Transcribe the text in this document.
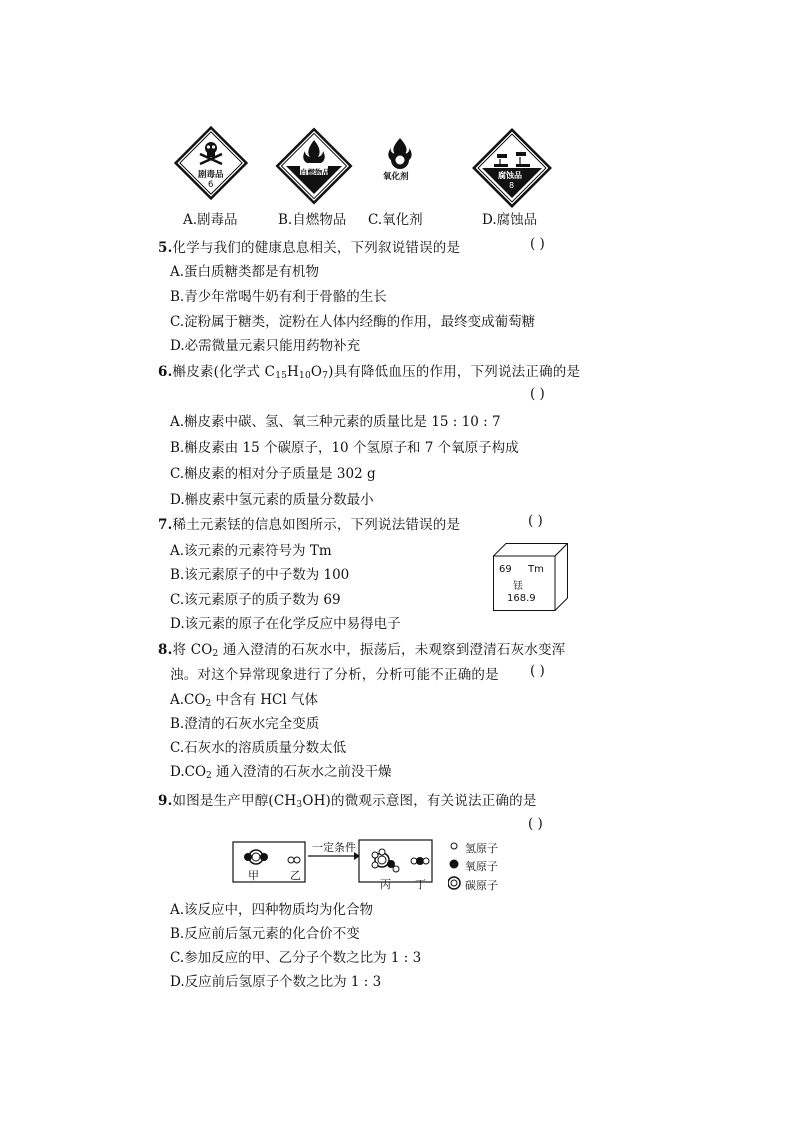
剧毒品
6
自燃物品	氧化剂	腐蚀品
8
A.剧毒品	B.自燃物品 C.氧化剂	D.腐蚀品
5.化学与我们的健康息息相关，下列叙说错误的是	( )
A.蛋白质糖类都是有机物
B.青少年常喝牛奶有利于骨骼的生长
C.淀粉属于糖类，淀粉在人体内经酶的作用，最终变成葡萄糖
D.必需微量元素只能用药物补充
6.槲皮素(化学式 $C_{15}H_{10}O_7$)具有降低血压的作用，下列说法正确的是
( )
A.槲皮素中碳、氢、氧三种元素的质量比是 15 : 10 : 7
B.槲皮素由 15 个碳原子，10 个氢原子和 7 个氧原子构成
C.槲皮素的相对分子质量是 302 g
D.槲皮素中氢元素的质量分数最小
7.稀土元素铥的信息如图所示，下列说法错误的是	( )
A.该元素的元素符号为 Tm
B.该元素原子的中子数为 100
C.该元素原子的质子数为 69
D.该元素的原子在化学反应中易得电子
69 Tm
铥
168.9
8.将 $CO_2$ 通入澄清的石灰水中，振荡后，未观察到澄清石灰水变浑
浊。对这个异常现象进行了分析，分析可能不正确的是 ( )
$A.CO_2$ 中含有 HCl 气体
B.澄清的石灰水完全变质
C.石灰水的溶质质量分数太低
$D.CO_2$ 通入澄清的石灰水之前没干燥
9.如图是生产甲醇$(CH_3OH)$的微观示意图，有关说法正确的是
( )
一定条件
甲	乙
丙 丁
氢原子
氧原子
碳原子
A.该反应中，四种物质均为化合物
B.反应前后氢元素的化合价不变
C.参加反应的甲、乙分子个数之比为 1 : 3
D.反应前后氢原子个数之比为 1 : 3
